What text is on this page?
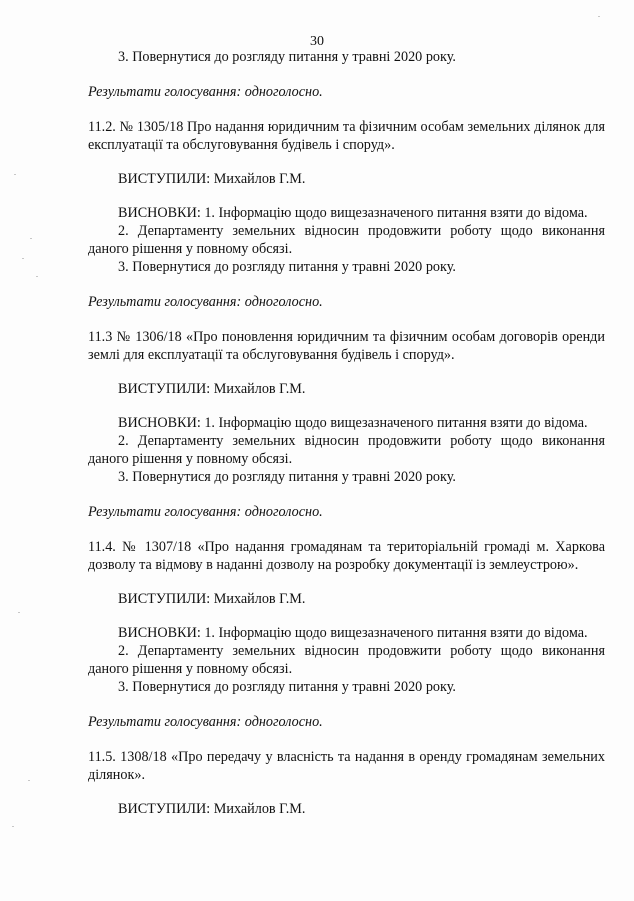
30

3. Повернутися до розгляду питання у травні 2020 року.

Результати голосування: одноголосно.

11.2. № 1305/18 Про надання юридичним та фізичним особам земельних ділянок для експлуатації та обслуговування будівель і споруд».

ВИСТУПИЛИ: Михайлов Г.М.

ВИСНОВКИ: 1. Інформацію щодо вищезазначеного питання взяти до відома.

2. Департаменту земельних відносин продовжити роботу щодо виконання даного рішення у повному обсязі.

3. Повернутися до розгляду питання у травні 2020 року.

Результати голосування: одноголосно.

11.3 № 1306/18 «Про поновлення юридичним та фізичним особам договорів оренди землі для експлуатації та обслуговування будівель і споруд».

ВИСТУПИЛИ: Михайлов Г.М.

ВИСНОВКИ: 1. Інформацію щодо вищезазначеного питання взяти до відома.

2. Департаменту земельних відносин продовжити роботу щодо виконання даного рішення у повному обсязі.

3. Повернутися до розгляду питання у травні 2020 року.

Результати голосування: одноголосно.

11.4. № 1307/18 «Про надання громадянам та територіальній громаді м. Харкова дозволу та відмову в наданні дозволу на розробку документації із землеустрою».

ВИСТУПИЛИ: Михайлов Г.М.

ВИСНОВКИ: 1. Інформацію щодо вищезазначеного питання взяти до відома.

2. Департаменту земельних відносин продовжити роботу щодо виконання даного рішення у повному обсязі.

3. Повернутися до розгляду питання у травні 2020 року.

Результати голосування: одноголосно.

11.5. 1308/18 «Про передачу у власність та надання в оренду громадянам земельних ділянок».

ВИСТУПИЛИ: Михайлов Г.М.
